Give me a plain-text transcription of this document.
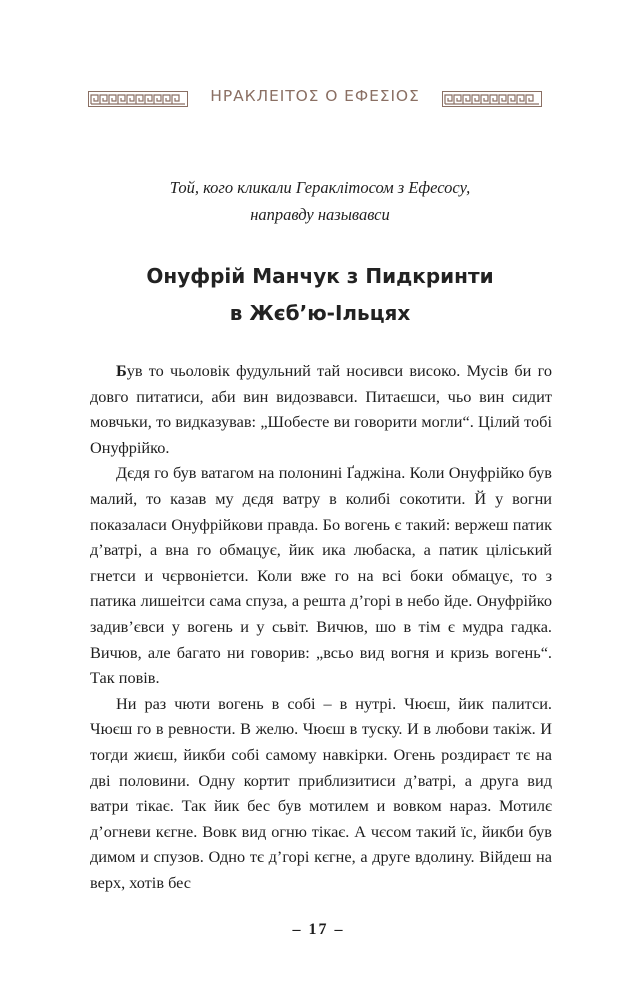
НРАКЛЕІТОΣ О ЕФЕΣІОΣ
Той, кого кликали Гераклітосом з Ефесосу,
направду называвси
Онуфрій Манчук з Пидкринти
в Жєб’ю-Ільцях

Був то чьоловік фудульний тай носивси високо. Мусів би го довго питатиси, аби вин видозвавси. Питаєшси, чьо вин сидит мовчьки, то видказував: „Шобесте ви говорити могли“. Цілий тобі Онуфрійко.

Дєдя го був ватагом на полонині Ґаджіна. Коли Онуфрійко був малий, то казав му дєдя ватру в колибі сокотити. Й у вогни показаласи Онуфрійкови правда. Бо вогень є такий: вержеш патик д’ватрі, а вна го обмацує, йик ика любаска, а патик ціліський гнетси и чєрвоніетси. Коли вже го на всі боки обмацує, то з патика лишеітси сама спуза, а решта д’горі в небо йде. Онуфрійко задив’євси у вогень и у сьвіт. Вичюв, шо в тім є мудра гадка. Вичюв, але багато ни говорив: „всьо вид вогня и кризь вогень“. Так повів.

Ни раз чюти вогень в собі – в нутрі. Чюєш, йик палитси. Чюєш го в ревности. В желю. Чюєш в туску. И в любови такіж. И тогди жиєш, йикби собі самому навкірки. Огень роздираєт тє на дві половини. Одну кортит приблизитиси д’ватрі, а друга вид ватри тікає. Так йик бес був мотилем и вовком нараз. Мотилє д’огневи кєгне. Вовк вид огню тікає. А чєсом такий їс, йикби був димом и спузов. Одно тє д’горі кєгне, а друге вдолину. Війдеш на верх, хотів бес

– 17 –
